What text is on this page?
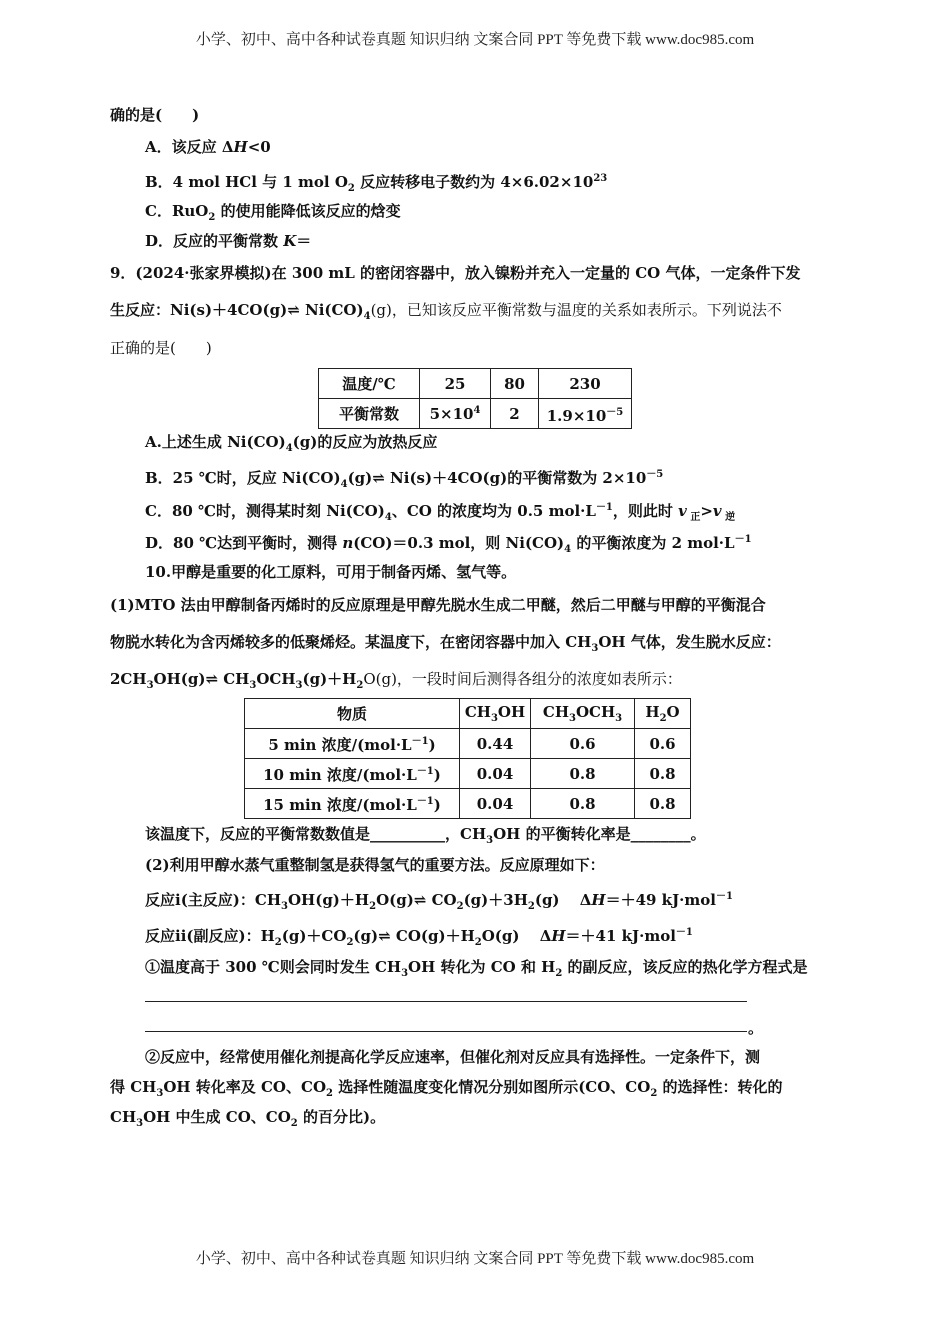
小学、初中、高中各种试卷真题 知识归纳 文案合同 PPT 等免费下载 www.doc985.com
确的是(　　)
A．该反应 ΔH<0
B．4 mol HCl 与 1 mol $O_2$ 反应转移电子数约为 $4\times 6.02\times 10^{23}$
C．RuO$_2$ 的使用能降低该反应的焓变
D．反应的平衡常数 K＝
9．(2024·张家界模拟)在 300 mL 的密闭容器中，放入镍粉并充入一定量的 CO 气体，一定条件下发
生反应：Ni(s)＋4CO(g)⇌ $Ni(CO)_4(g)$，已知该反应平衡常数与温度的关系如表所示。下列说法不
正确的是(　　)
温度/℃	25	80	230
平衡常数	$5\times 10^4$	2	$1.9\times 10^{-5}$
A.上述生成 $Ni(CO)_4(g)$的反应为放热反应
B．25 ℃时，反应 $Ni(CO)_4(g)\rightleftharpoons$ Ni(s)＋4CO(g)的平衡常数为 $2\times 10^{-5}$
C．80 ℃时，测得某时刻 $Ni(CO)_4$、CO 的浓度均为 0.5 $mol\cdot L^{-1}$，则此时 v $_正$>v $_逆$
D．80 ℃达到平衡时，测得 n(CO)＝0.3 mol，则 $Ni(CO)_4$ 的平衡浓度为 2 $mol\cdot L^{-1}$
10.甲醇是重要的化工原料，可用于制备丙烯、氢气等。
(1)MTO 法由甲醇制备丙烯时的反应原理是甲醇先脱水生成二甲醚，然后二甲醚与甲醇的平衡混合
物脱水转化为含丙烯较多的低聚烯烃。某温度下，在密闭容器中加入 $CH_3OH$ 气体，发生脱水反应：
$2CH_3OH(g)\rightleftharpoons$ $CH_3OCH_3(g)+H_2O(g)$，一段时间后测得各组分的浓度如表所示：
物质	$CH_3OH$	$CH_3OCH_3$	$H_2O$
5 min 浓度$/(mol\cdot L^{-1})$	0.44	0.6	0.6
10 min 浓度$/(mol\cdot L^{-1})$	0.04	0.8	0.8
15 min 浓度$/(mol\cdot L^{-1})$	0.04	0.8	0.8
该温度下，反应的平衡常数数值是__________，$CH_3OH$ 的平衡转化率是________。
(2)利用甲醇水蒸气重整制氢是获得氢气的重要方法。反应原理如下：
反应ⅰ(主反应)：$CH_3OH(g)+H_2O(g)\rightleftharpoons$ $CO_2(g)+3H_2(g)$　 ΔH＝＋49 kJ·mol$^{-1}$
反应ⅱ(副反应)：$H_2(g)+CO_2(g)\rightleftharpoons$ $CO(g)+H_2O(g)$　 ΔH＝＋41 kJ·mol$^{-1}$
①温度高于 300 ℃则会同时发生 $CH_3OH$ 转化为 CO 和 $H_2$ 的副反应，该反应的热化学方程式是
。
②反应中，经常使用催化剂提高化学反应速率，但催化剂对反应具有选择性。一定条件下，测
得 $CH_3OH$ 转化率及 CO、$CO_2$ 选择性随温度变化情况分别如图所示(CO、$CO_2$ 的选择性：转化的
$CH_3OH$ 中生成 CO、$CO_2$ 的百分比)。
小学、初中、高中各种试卷真题 知识归纳 文案合同 PPT 等免费下载 www.doc985.com
